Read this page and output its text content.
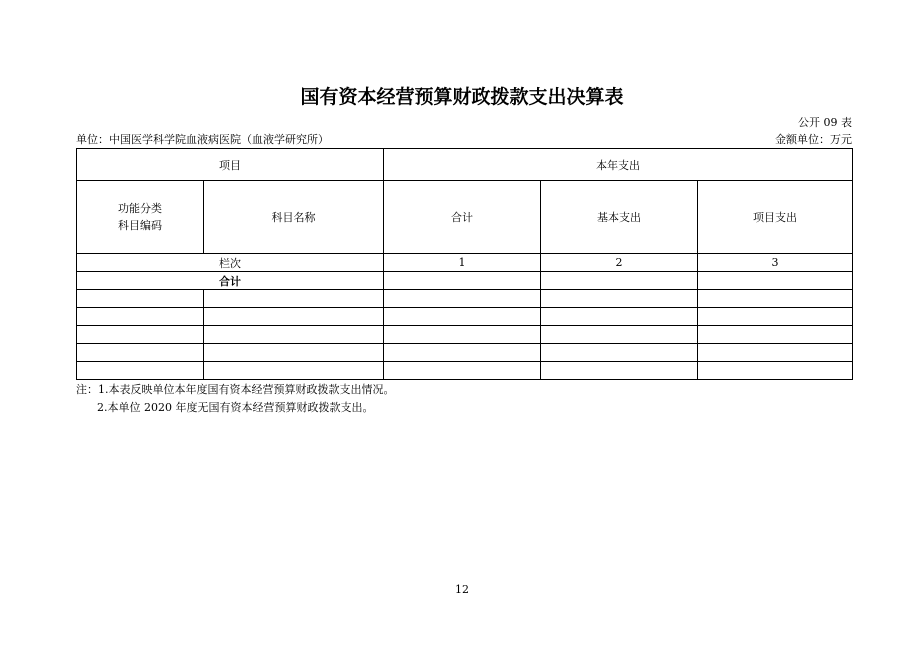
国有资本经营预算财政拨款支出决算表
公开 09 表
单位：中国医学科学院血液病医院（血液学研究所）	金额单位：万元
项目		本年支出		
功能分类
科目编码	科目名称	合计	基本支出	项目支出
栏次		1	2	3
合计				

注：1.本表反映单位本年度国有资本经营预算财政拨款支出情况。
2.本单位 2020 年度无国有资本经营预算财政拨款支出。
12
